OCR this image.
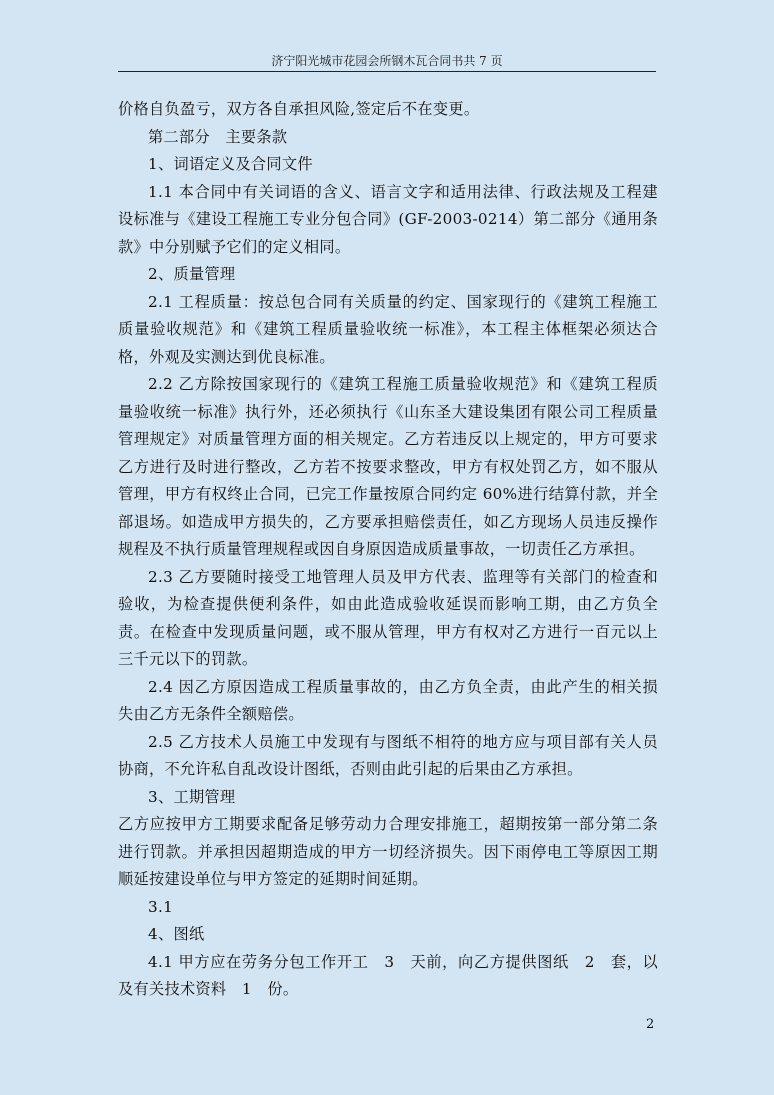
济宁阳光城市花园会所钢木瓦合同书共 7 页

价格自负盈亏，双方各自承担风险,签定后不在变更。

第二部分　主要条款

1、词语定义及合同文件

1.1 本合同中有关词语的含义、语言文字和适用法律、行政法规及工程建设标准与《建设工程施工专业分包合同》(GF-2003-0214）第二部分《通用条款》中分别赋予它们的定义相同。

2、质量管理

2.1 工程质量：按总包合同有关质量的约定、国家现行的《建筑工程施工质量验收规范》和《建筑工程质量验收统一标准》，本工程主体框架必须达合格，外观及实测达到优良标准。

2.2 乙方除按国家现行的《建筑工程施工质量验收规范》和《建筑工程质量验收统一标准》执行外，还必须执行《山东圣大建设集团有限公司工程质量管理规定》对质量管理方面的相关规定。乙方若违反以上规定的，甲方可要求乙方进行及时进行整改，乙方若不按要求整改，甲方有权处罚乙方，如不服从管理，甲方有权终止合同，已完工作量按原合同约定 60%进行结算付款，并全部退场。如造成甲方损失的，乙方要承担赔偿责任，如乙方现场人员违反操作规程及不执行质量管理规程或因自身原因造成质量事故，一切责任乙方承担。

2.3 乙方要随时接受工地管理人员及甲方代表、监理等有关部门的检查和验收，为检查提供便利条件，如由此造成验收延误而影响工期，由乙方负全责。在检查中发现质量问题，或不服从管理，甲方有权对乙方进行一百元以上三千元以下的罚款。

2.4 因乙方原因造成工程质量事故的，由乙方负全责，由此产生的相关损失由乙方无条件全额赔偿。

2.5 乙方技术人员施工中发现有与图纸不相符的地方应与项目部有关人员协商，不允许私自乱改设计图纸，否则由此引起的后果由乙方承担。

3、工期管理

乙方应按甲方工期要求配备足够劳动力合理安排施工，超期按第一部分第二条进行罚款。并承担因超期造成的甲方一切经济损失。因下雨停电工等原因工期顺延按建设单位与甲方签定的延期时间延期。

3.1

4、图纸

4.1 甲方应在劳务分包工作开工　3　天前，向乙方提供图纸　2　套，以及有关技术资料　1　份。

2
